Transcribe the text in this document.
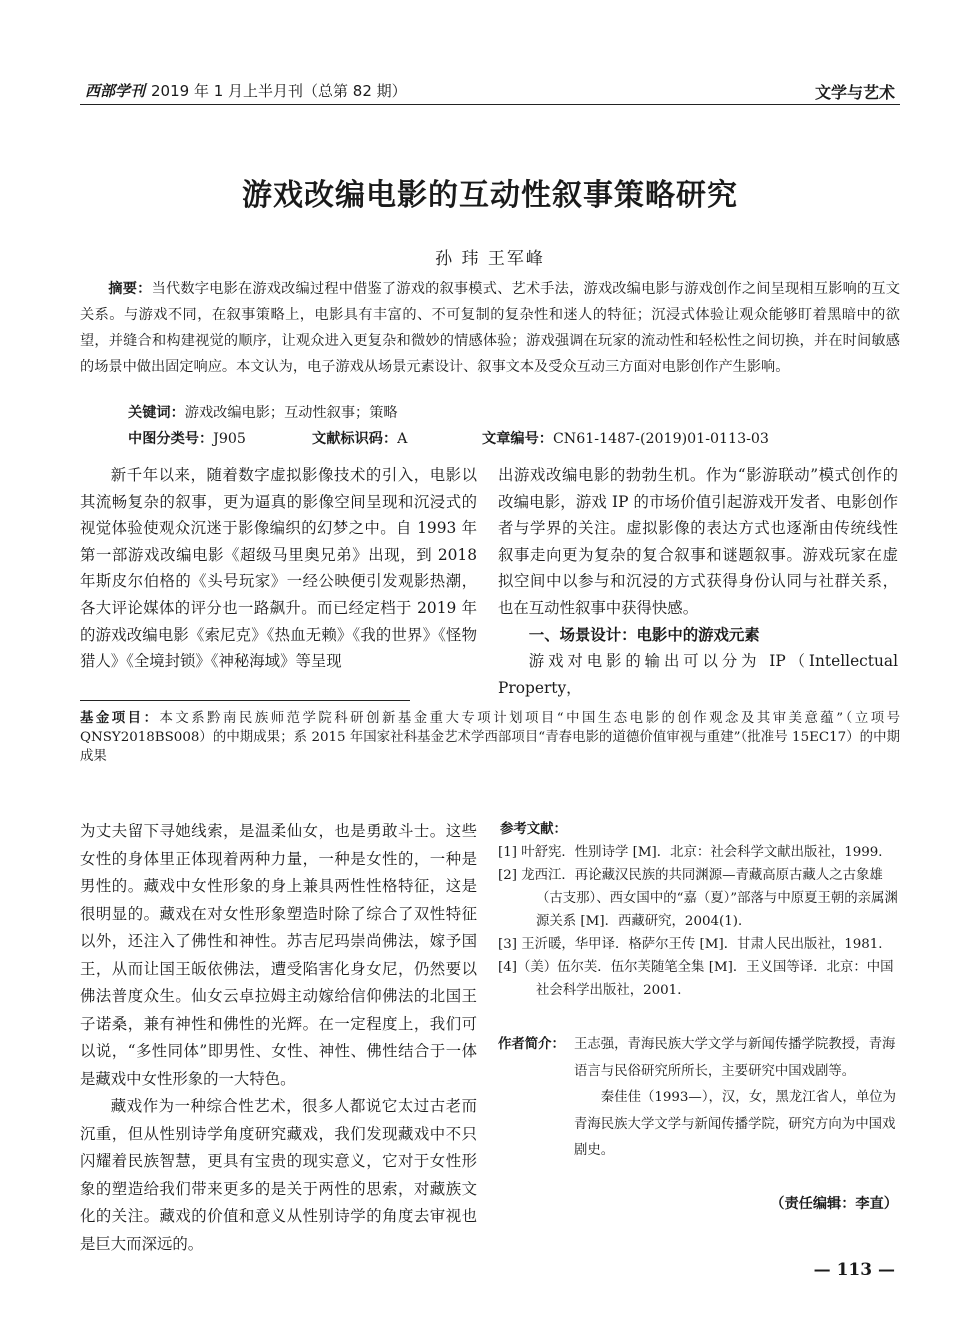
西部学刊 2019 年 1 月上半月刊（总第 82 期）	文学与艺术
游戏改编电影的互动性叙事策略研究
孙 玮 王军峰
摘要：当代数字电影在游戏改编过程中借鉴了游戏的叙事模式、艺术手法，游戏改编电影与游戏创作之间呈现相互影响的互文关系。与游戏不同，在叙事策略上，电影具有丰富的、不可复制的复杂性和迷人的特征；沉浸式体验让观众能够盯着黑暗中的欲望，并缝合和构建视觉的顺序，让观众进入更复杂和微妙的情感体验；游戏强调在玩家的流动性和轻松性之间切换，并在时间敏感的场景中做出固定响应。本文认为，电子游戏从场景元素设计、叙事文本及受众互动三方面对电影创作产生影响。
关键词：游戏改编电影；互动性叙事；策略
中图分类号：J905	文献标识码：A	文章编号：CN61-1487-(2019)01-0113-03

新千年以来，随着数字虚拟影像技术的引入，电影以其流畅复杂的叙事，更为逼真的影像空间呈现和沉浸式的视觉体验使观众沉迷于影像编织的幻梦之中。自 1993 年第一部游戏改编电影《超级马里奥兄弟》出现，到 2018 年斯皮尔伯格的《头号玩家》一经公映便引发观影热潮，各大评论媒体的评分也一路飙升。而已经定档于 2019 年的游戏改编电影《索尼克》《热血无赖》《我的世界》《怪物猎人》《全境封锁》《神秘海域》等呈现

出游戏改编电影的勃勃生机。作为“影游联动”模式创作的改编电影，游戏 IP 的市场价值引起游戏开发者、电影创作者与学界的关注。虚拟影像的表达方式也逐渐由传统线性叙事走向更为复杂的复合叙事和谜题叙事。游戏玩家在虚拟空间中以参与和沉浸的方式获得身份认同与社群关系，也在互动性叙事中获得快感。

一、场景设计：电影中的游戏元素

游戏对电影的输出可以分为 IP（Intellectual Property，

基金项目：本文系黔南民族师范学院科研创新基金重大专项计划项目“中国生态电影的创作观念及其审美意蕴”（立项号 QNSY2018BS008）的中期成果；系 2015 年国家社科基金艺术学西部项目“青春电影的道德价值审视与重建”（批准号 15EC17）的中期成果

为丈夫留下寻她线索，是温柔仙女，也是勇敢斗士。这些女性的身体里正体现着两种力量，一种是女性的，一种是男性的。藏戏中女性形象的身上兼具两性性格特征，这是很明显的。藏戏在对女性形象塑造时除了综合了双性特征以外，还注入了佛性和神性。苏吉尼玛崇尚佛法，嫁予国王，从而让国王皈依佛法，遭受陷害化身女尼，仍然要以佛法普度众生。仙女云卓拉姆主动嫁给信仰佛法的北国王子诺桑，兼有神性和佛性的光辉。在一定程度上，我们可以说，“多性同体”即男性、女性、神性、佛性结合于一体是藏戏中女性形象的一大特色。

藏戏作为一种综合性艺术，很多人都说它太过古老而沉重，但从性别诗学角度研究藏戏，我们发现藏戏中不只闪耀着民族智慧，更具有宝贵的现实意义，它对于女性形象的塑造给我们带来更多的是关于两性的思索，对藏族文化的关注。藏戏的价值和意义从性别诗学的角度去审视也是巨大而深远的。

参考文献：
[1] 叶舒宪．性别诗学 [M]．北京：社会科学文献出版社，1999．
[2] 龙西江．再论藏汉民族的共同渊源—青藏高原古藏人之古象雄（古支那）、西女国中的“嘉（夏）”部落与中原夏王朝的亲属渊源关系 [M]．西藏研究，2004(1)．
[3] 王沂暖，华甲译．格萨尔王传 [M]．甘肃人民出版社，1981．
[4]（美）伍尔芙．伍尔芙随笔全集 [M]．王义国等译．北京：中国社会科学出版社，2001．
作者简介： 王志强，青海民族大学文学与新闻传播学院教授，青海语言与民俗研究所所长，主要研究中国戏剧等。
秦佳佳（1993—），汉，女，黑龙江省人，单位为青海民族大学文学与新闻传播学院，研究方向为中国戏剧史。
（责任编辑：李直）
— 113 —
